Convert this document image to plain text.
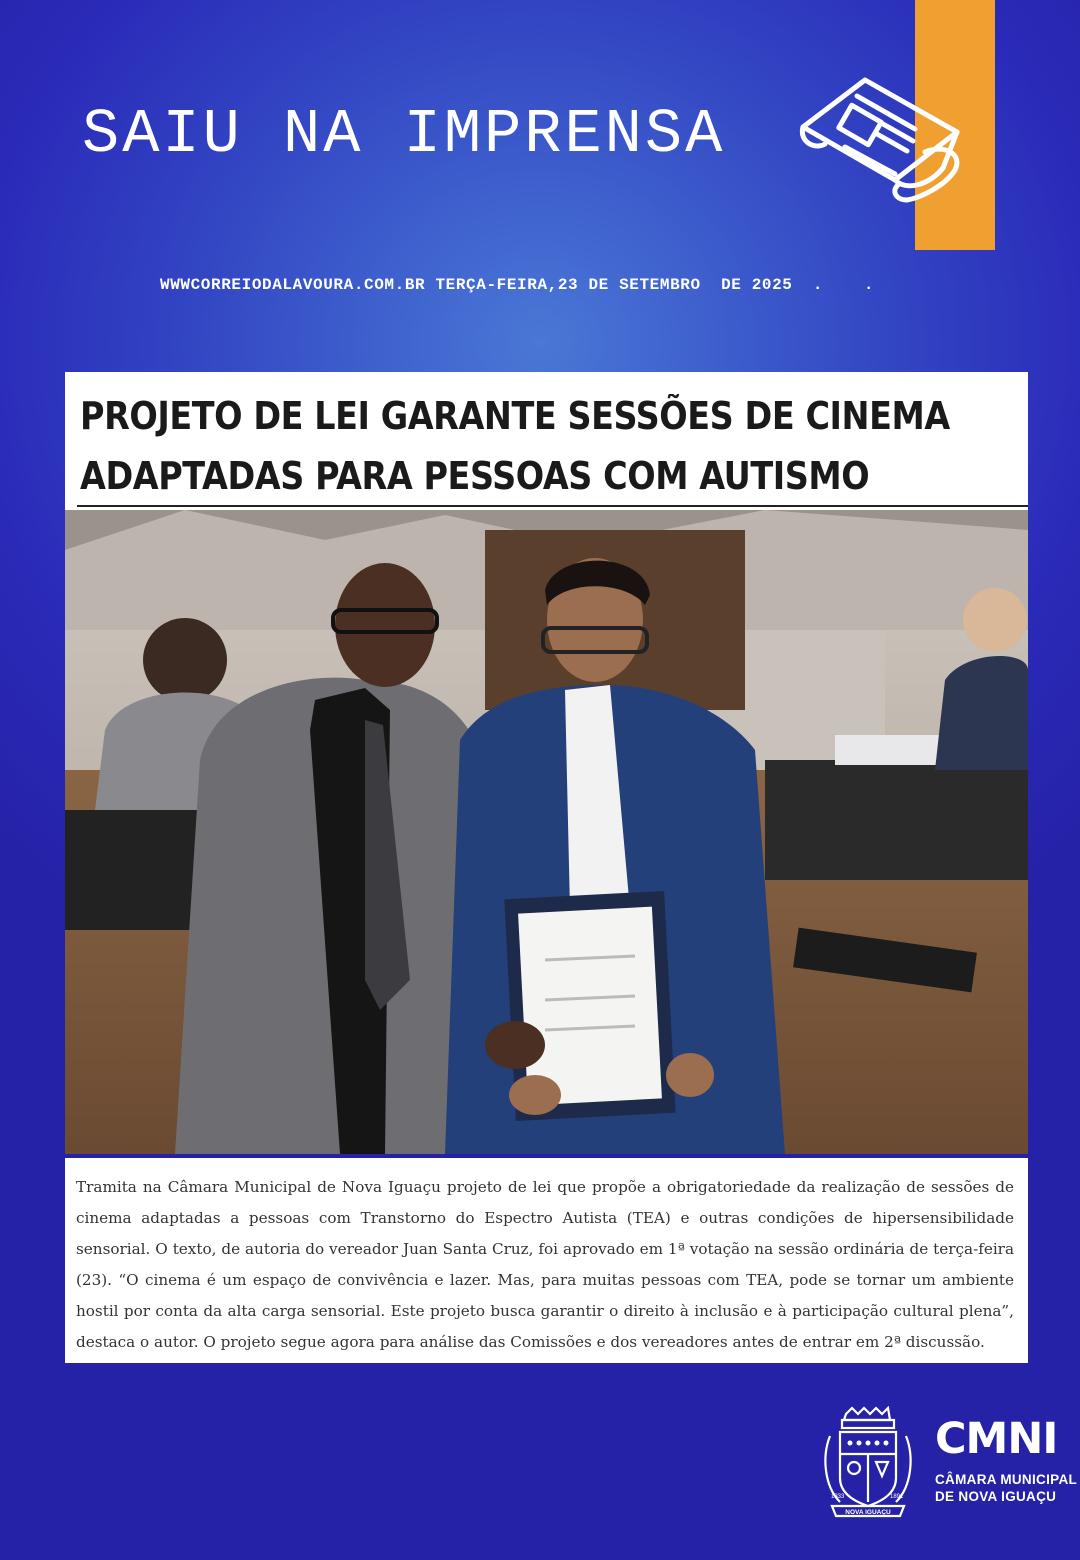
SAIU NA IMPRENSA
WWWCORREIODALAVOURA.COM.BR TERÇA-FEIRA,23 DE SETEMBRO  DE 2025  .    .
PROJETO DE LEI GARANTE SESSÕES DE CINEMA
ADAPTADAS PARA PESSOAS COM AUTISMO
Tramita na Câmara Municipal de Nova Iguaçu projeto de lei que propõe a obrigatoriedade da realização de sessões de cinema adaptadas a pessoas com Transtorno do Espectro Autista (TEA) e outras condições de hipersensibilidade sensorial. O texto, de autoria do vereador Juan Santa Cruz, foi aprovado em 1ª votação na sessão ordinária de terça-feira (23). “O cinema é um espaço de convivência e lazer. Mas, para muitas pessoas com TEA, pode se tornar um ambiente hostil por conta da alta carga sensorial. Este projeto busca garantir o direito à inclusão e à participação cultural plena”, destaca o autor. O projeto segue agora para análise das Comissões e dos vereadores antes de entrar em 2ª discussão.
NOVA IGUAÇU
1833	1891
CMNI
CÂMARA MUNICIPAL
DE NOVA IGUAÇU
